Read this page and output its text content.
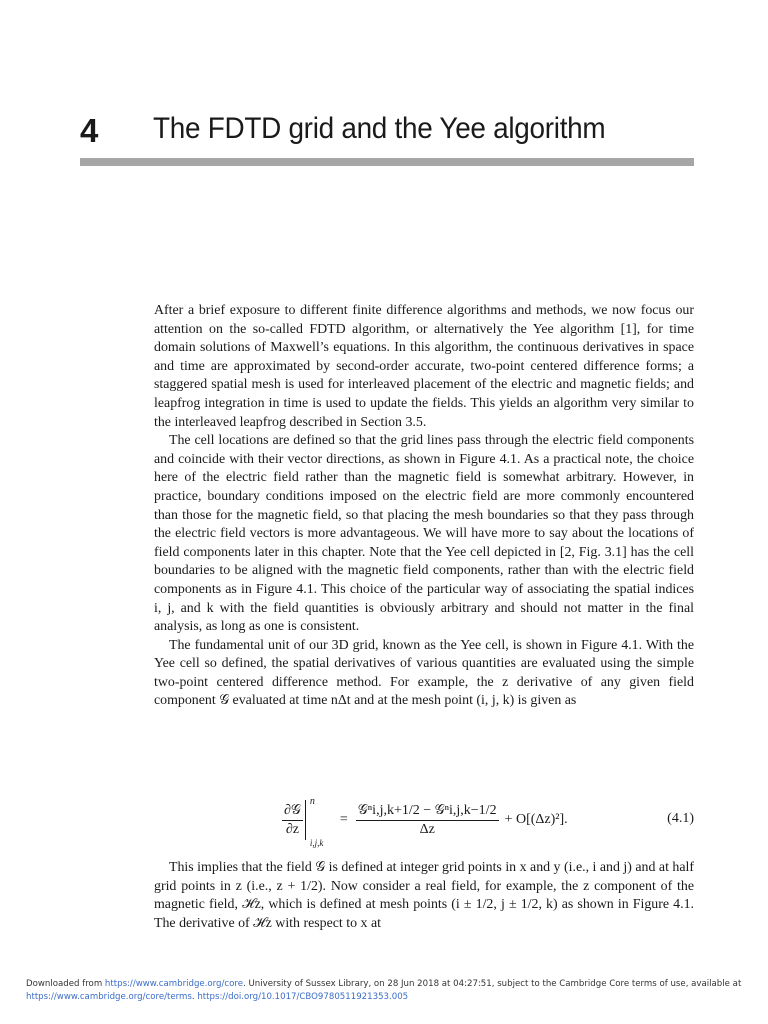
4 The FDTD grid and the Yee algorithm

After a brief exposure to different finite difference algorithms and methods, we now focus our attention on the so-called FDTD algorithm, or alternatively the Yee algorithm [1], for time domain solutions of Maxwell’s equations. In this algorithm, the continuous derivatives in space and time are approximated by second-order accurate, two-point centered difference forms; a staggered spatial mesh is used for interleaved placement of the electric and magnetic fields; and leapfrog integration in time is used to update the fields. This yields an algorithm very similar to the interleaved leapfrog described in Section 3.5.

The cell locations are defined so that the grid lines pass through the electric field components and coincide with their vector directions, as shown in Figure 4.1. As a practical note, the choice here of the electric field rather than the magnetic field is somewhat arbitrary. However, in practice, boundary conditions imposed on the electric field are more commonly encountered than those for the magnetic field, so that placing the mesh boundaries so that they pass through the electric field vectors is more advantageous. We will have more to say about the locations of field components later in this chapter. Note that the Yee cell depicted in [2, Fig. 3.1] has the cell boundaries to be aligned with the magnetic field components, rather than with the electric field components as in Figure 4.1. This choice of the particular way of associating the spatial indices i, j, and k with the field quantities is obviously arbitrary and should not matter in the final analysis, as long as one is consistent.

The fundamental unit of our 3D grid, known as the Yee cell, is shown in Figure 4.1. With the Yee cell so defined, the spatial derivatives of various quantities are evaluated using the simple two-point centered difference method. For example, the z derivative of any given field component 𝒢 evaluated at time nΔt and at the mesh point (i, j, k) is given as

$\frac{\text{∂𝒢}}{\partial z}$
n
i,j,k
= $\frac{\text{𝒢ⁿi,j,k+1/2 − 𝒢ⁿi,j,k−1/2}}{\Delta z} + O[(\Delta z)^2]$.	(4.1)

This implies that the field 𝒢 is defined at integer grid points in x and y (i.e., i and j) and at half grid points in z (i.e., z + 1/2). Now consider a real field, for example, the z component of the magnetic field, ℋz, which is defined at mesh points (i ± 1/2, j ± 1/2, k) as shown in Figure 4.1. The derivative of ℋz with respect to x at

Downloaded from https://www.cambridge.org/core. University of Sussex Library, on 28 Jun 2018 at 04:27:51, subject to the Cambridge Core terms of use, available at
https://www.cambridge.org/core/terms. https://doi.org/10.1017/CBO9780511921353.005
